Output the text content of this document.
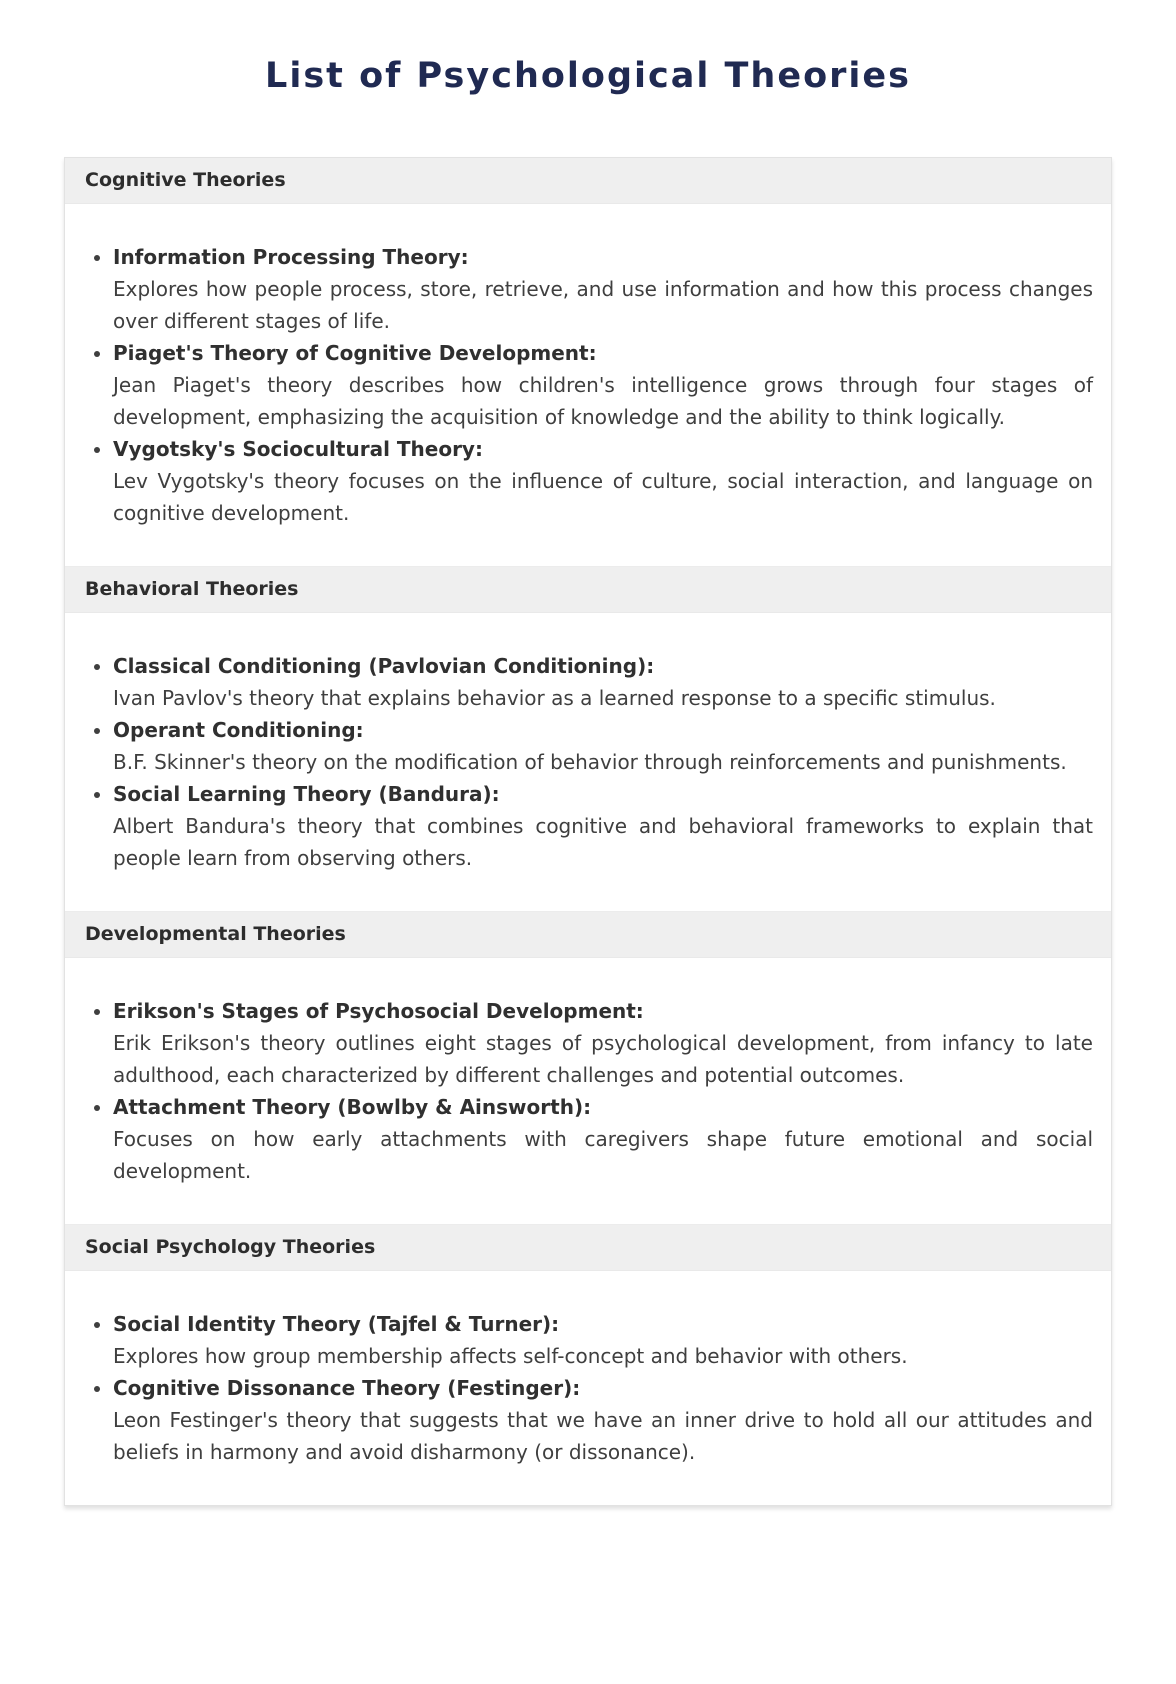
List of Psychological Theories
Cognitive Theories
• Information Processing Theory:
Explores how people process, store, retrieve, and use information and how this process changes over different stages of life.
• Piaget's Theory of Cognitive Development:
Jean Piaget's theory describes how children's intelligence grows through four stages of development, emphasizing the acquisition of knowledge and the ability to think logically.
• Vygotsky's Sociocultural Theory:
Lev Vygotsky's theory focuses on the influence of culture, social interaction, and language on cognitive development.
Behavioral Theories
• Classical Conditioning (Pavlovian Conditioning):
Ivan Pavlov's theory that explains behavior as a learned response to a specific stimulus.
• Operant Conditioning:
B.F. Skinner's theory on the modification of behavior through reinforcements and punishments.
• Social Learning Theory (Bandura):
Albert Bandura's theory that combines cognitive and behavioral frameworks to explain that people learn from observing others.
Developmental Theories
• Erikson's Stages of Psychosocial Development:
Erik Erikson's theory outlines eight stages of psychological development, from infancy to late adulthood, each characterized by different challenges and potential outcomes.
• Attachment Theory (Bowlby & Ainsworth):
Focuses on how early attachments with caregivers shape future emotional and social development.
Social Psychology Theories
• Social Identity Theory (Tajfel & Turner):
Explores how group membership affects self-concept and behavior with others.
• Cognitive Dissonance Theory (Festinger):
Leon Festinger's theory that suggests that we have an inner drive to hold all our attitudes and beliefs in harmony and avoid disharmony (or dissonance).
